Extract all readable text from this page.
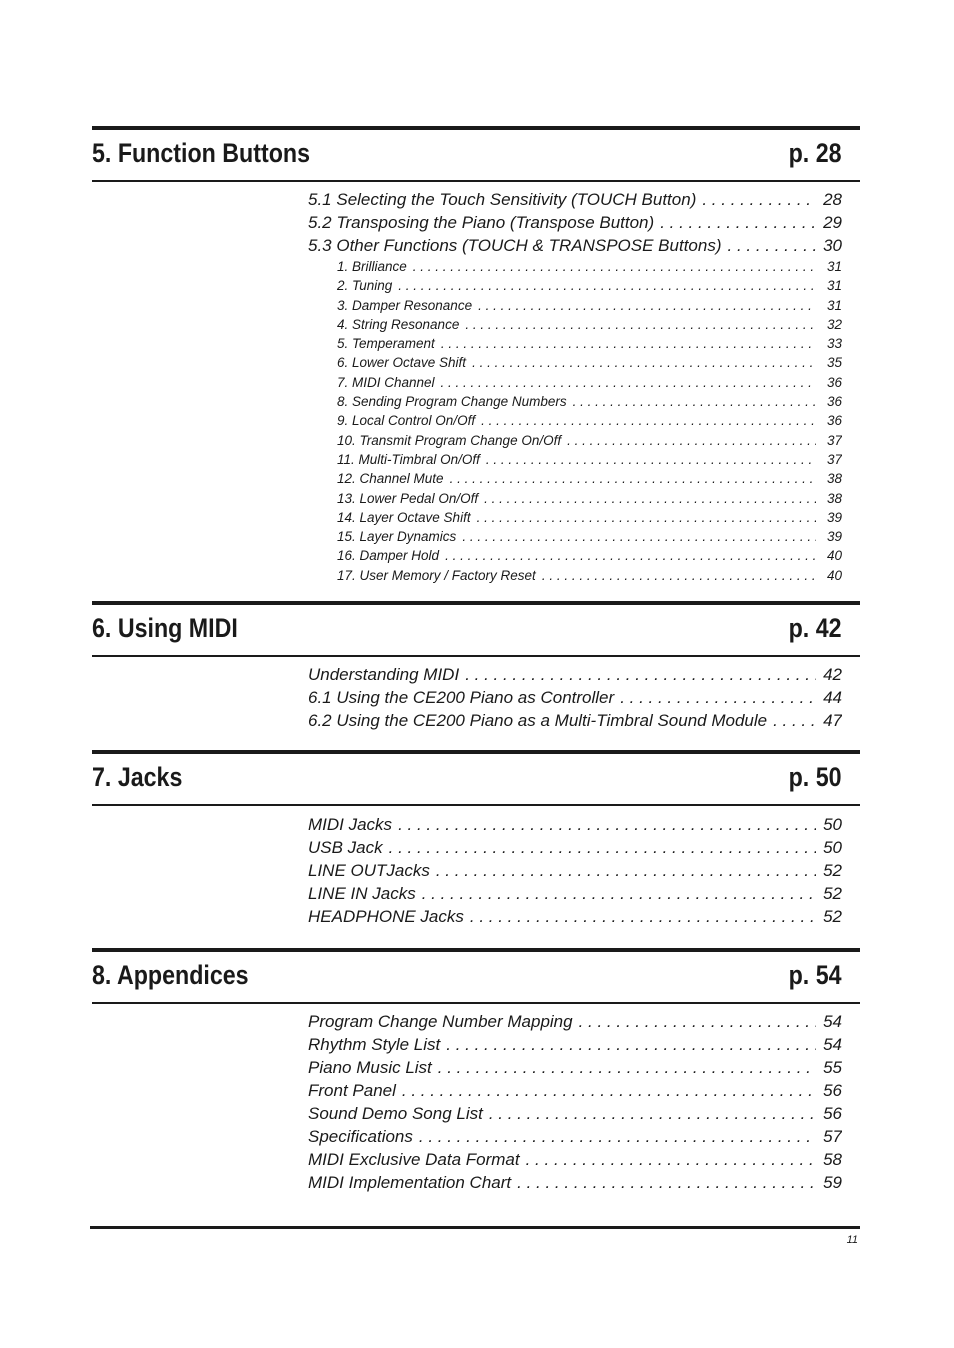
5. Function Buttons	p. 28
5.1 Selecting the Touch Sensitivity (TOUCH Button) . . .	28
5.2 Transposing the Piano (Transpose Button) . . .	29
5.3 Other Functions (TOUCH & TRANSPOSE Buttons) . . .	30
1. Brilliance . . .	31
2. Tuning . . .	31
3. Damper Resonance . . .	31
4. String Resonance . . .	32
5. Temperament . . .	33
6. Lower Octave Shift . . .	35
7. MIDI Channel . . .	36
8. Sending Program Change Numbers . . .	36
9. Local Control On/Off . . .	36
10. Transmit Program Change On/Off . . .	37
11. Multi-Timbral On/Off . . .	37
12. Channel Mute . . .	38
13. Lower Pedal On/Off . . .	38
14. Layer Octave Shift . . .	39
15. Layer Dynamics . . .	39
16. Damper Hold . . .	40
17. User Memory / Factory Reset . . .	40
6. Using MIDI	p. 42
Understanding MIDI . . .	42
6.1 Using the CE200 Piano as Controller . . .	44
6.2 Using the CE200 Piano as a Multi-Timbral Sound Module . . .	47
7. Jacks	p. 50
MIDI Jacks . . .	50
USB Jack . . .	50
LINE OUTJacks . . .	52
LINE IN Jacks . . .	52
HEADPHONE Jacks . . .	52
8. Appendices	p. 54
Program Change Number Mapping . . .	54
Rhythm Style List . . .	54
Piano Music List . . .	55
Front Panel . . .	56
Sound Demo Song List . . .	56
Specifications . . .	57
MIDI Exclusive Data Format . . .	58
MIDI Implementation Chart . . .	59
11
